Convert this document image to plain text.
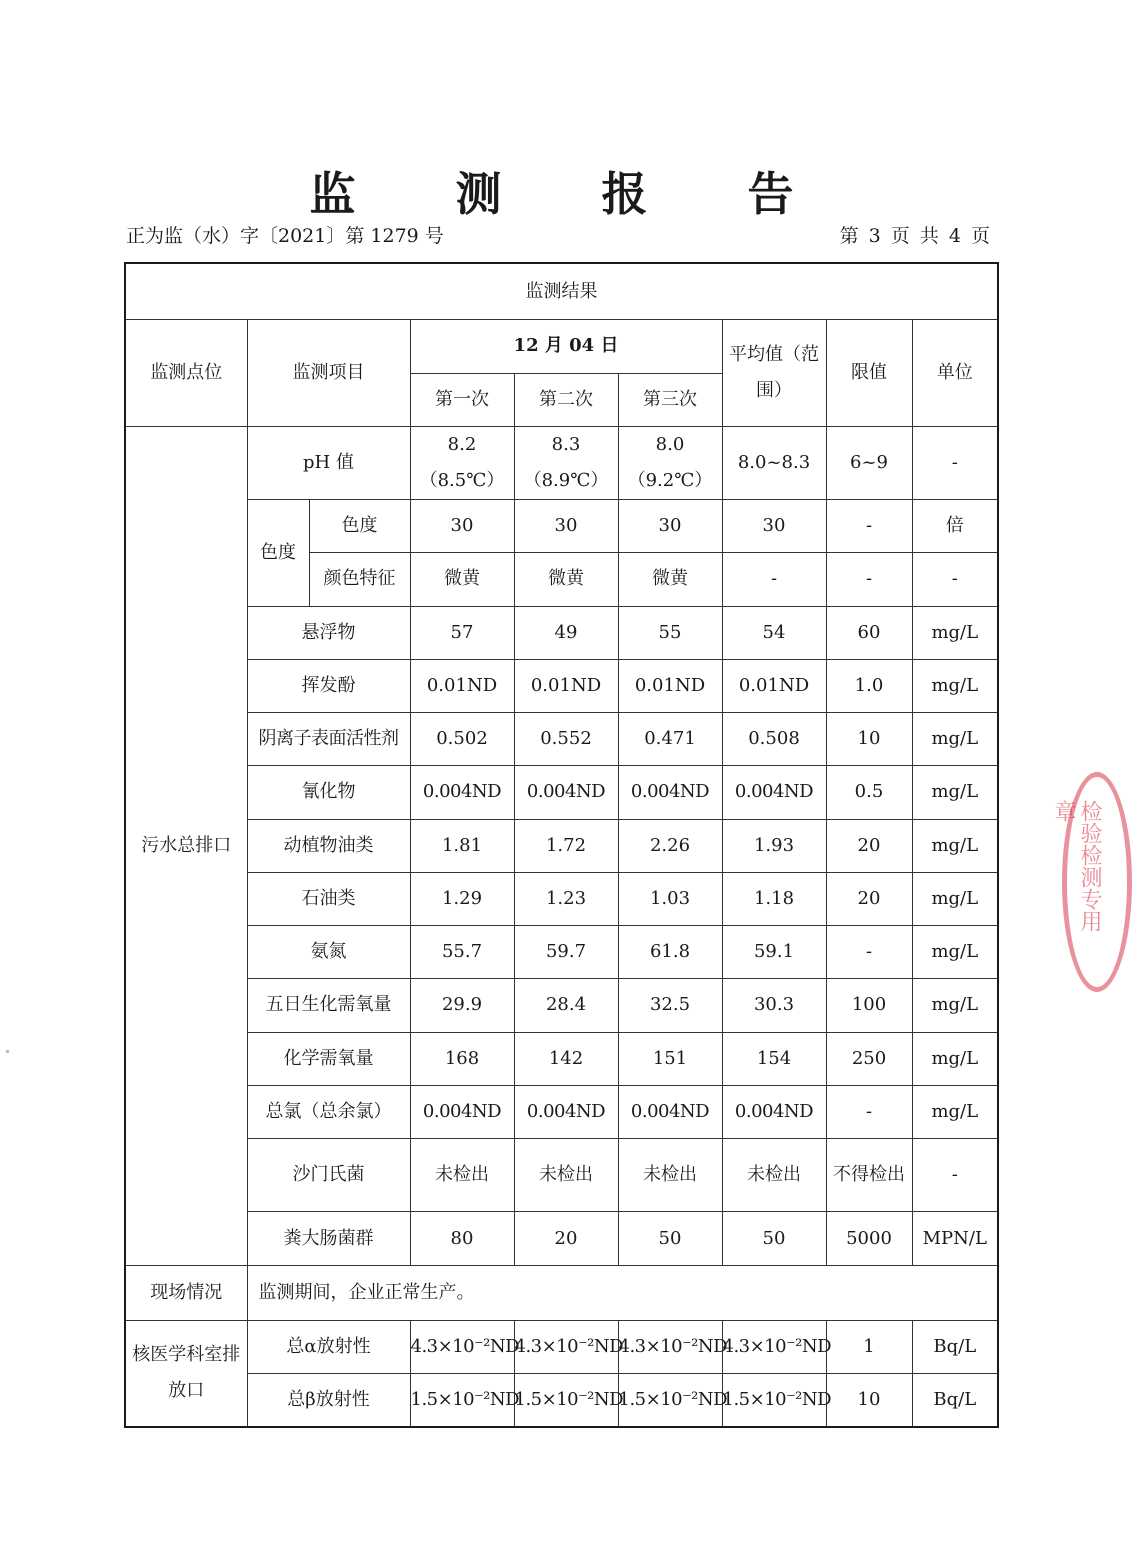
监 测 报 告
正为监（水）字〔2021〕第 1279 号	第 3 页 共 4 页
监测结果								
监测点位	监测项目		12 月 04 日			平均值（范围）	限值	单位
			第一次	第二次	第三次			
污水总排口	pH 值		8.2（8.5℃）	8.3（8.9℃）	8.0（9.2℃）	8.0~8.3	6~9	-
	色度	色度	30	30	30	30	-	倍
		颜色特征	微黄	微黄	微黄	-	-	-
	悬浮物		57	49	55	54	60	mg/L
	挥发酚		0.01ND	0.01ND	0.01ND	0.01ND	1.0	mg/L
	阴离子表面活性剂		0.502	0.552	0.471	0.508	10	mg/L
	氰化物		0.004ND	0.004ND	0.004ND	0.004ND	0.5	mg/L
	动植物油类		1.81	1.72	2.26	1.93	20	mg/L
	石油类		1.29	1.23	1.03	1.18	20	mg/L
	氨氮		55.7	59.7	61.8	59.1	-	mg/L
	五日生化需氧量		29.9	28.4	32.5	30.3	100	mg/L
	化学需氧量		168	142	151	154	250	mg/L
	总氯（总余氯）		0.004ND	0.004ND	0.004ND	0.004ND	-	mg/L
	沙门氏菌		未检出	未检出	未检出	未检出	不得检出	-
	粪大肠菌群		80	20	50	50	5000	MPN/L
现场情况	监测期间，企业正常生产。							
核医学科室排放口	总α放射性		4.3×10⁻²ND	4.3×10⁻²ND	4.3×10⁻²ND	4.3×10⁻²ND	1	Bq/L
	总β放射性		1.5×10⁻²ND	1.5×10⁻²ND	1.5×10⁻²ND	1.5×10⁻²ND	10	Bq/L
检验检测专用章
